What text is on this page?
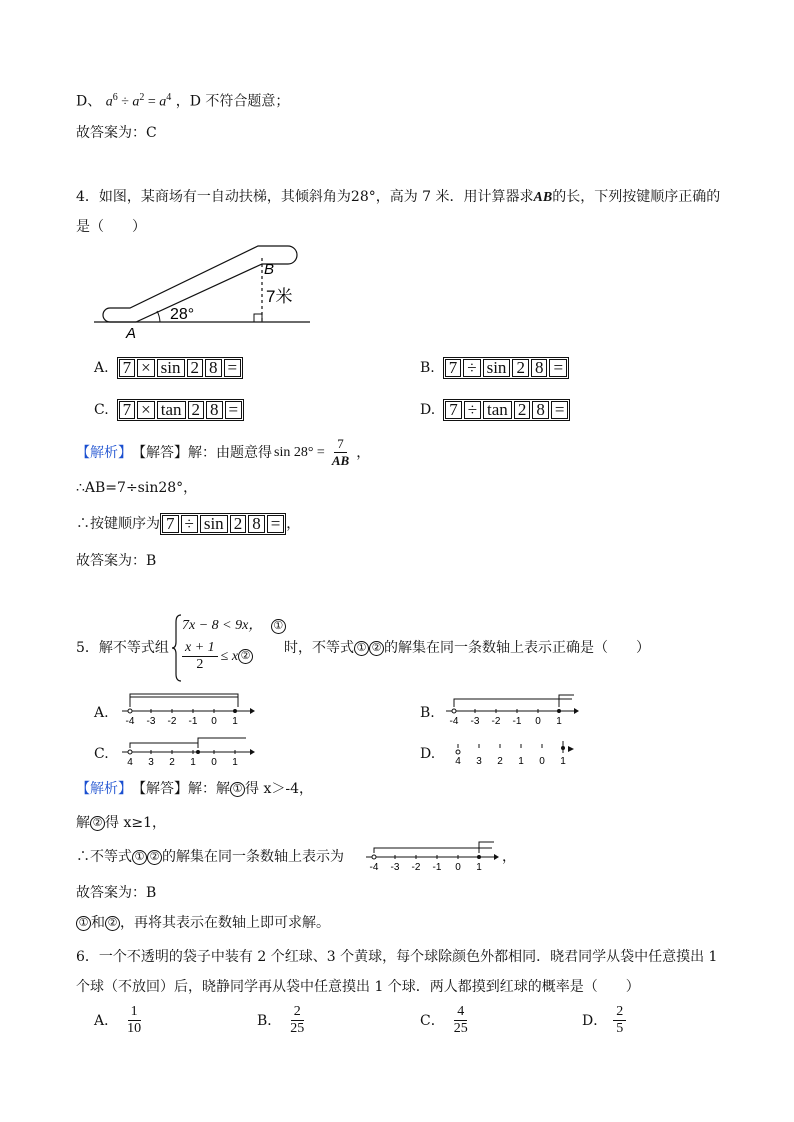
D、 $a^6 \div a^2 = a^4$ ，D 不符合题意；
故答案为：C
4．如图，某商场有一自动扶梯，其倾斜角为28°，高为 7 米．用计算器求AB的长，下列按键顺序正确的
是（　　）
A
B
28°
7米
A. 7 × sin 2 8 =	B. 7 ÷ sin 2 8 =
C. 7 × tan 2 8 =	D. 7 ÷ tan 2 8 =
【解析】 【解答】 解：由题意得 $\sin 28^\circ = \frac{7}{AB}$ ，
∴AB=7÷sin28°，
∴按键顺序为 7 ÷ sin 2 8 = ，
故答案为：B
5．解不等式组
7x − 8 < 9x， ①
$\frac{x + 1}{2} \le x$ ② 时，不等式 ① ② 的解集在同一条数轴上表示正确是（　　）
A.
-4 -3 -2 -1 0 1
B.
-4 -3 -2 -1 0 1
C.
4 3 2 1 0 1
D. 4 3 2 1 0 1
【解析】 【解答】 解：解 ① 得 x＞-4，
解 ② 得 x≥1，
∴不等式 ① ② 的解集在同一条数轴上表示为
-4 -3 -2 -1 0 1
，
故答案为：B
① 和 ② ，再将其表示在数轴上即可求解。
6．一个不透明的袋子中装有 2 个红球、3 个黄球，每个球除颜色外都相同．晓君同学从袋中任意摸出 1
个球（不放回）后，晓静同学再从袋中任意摸出 1 个球．两人都摸到红球的概率是（　　）
A． $\frac{1}{10}$	B． $\frac{2}{25}$	C． $\frac{4}{25}$	D． $\frac{2}{5}$
